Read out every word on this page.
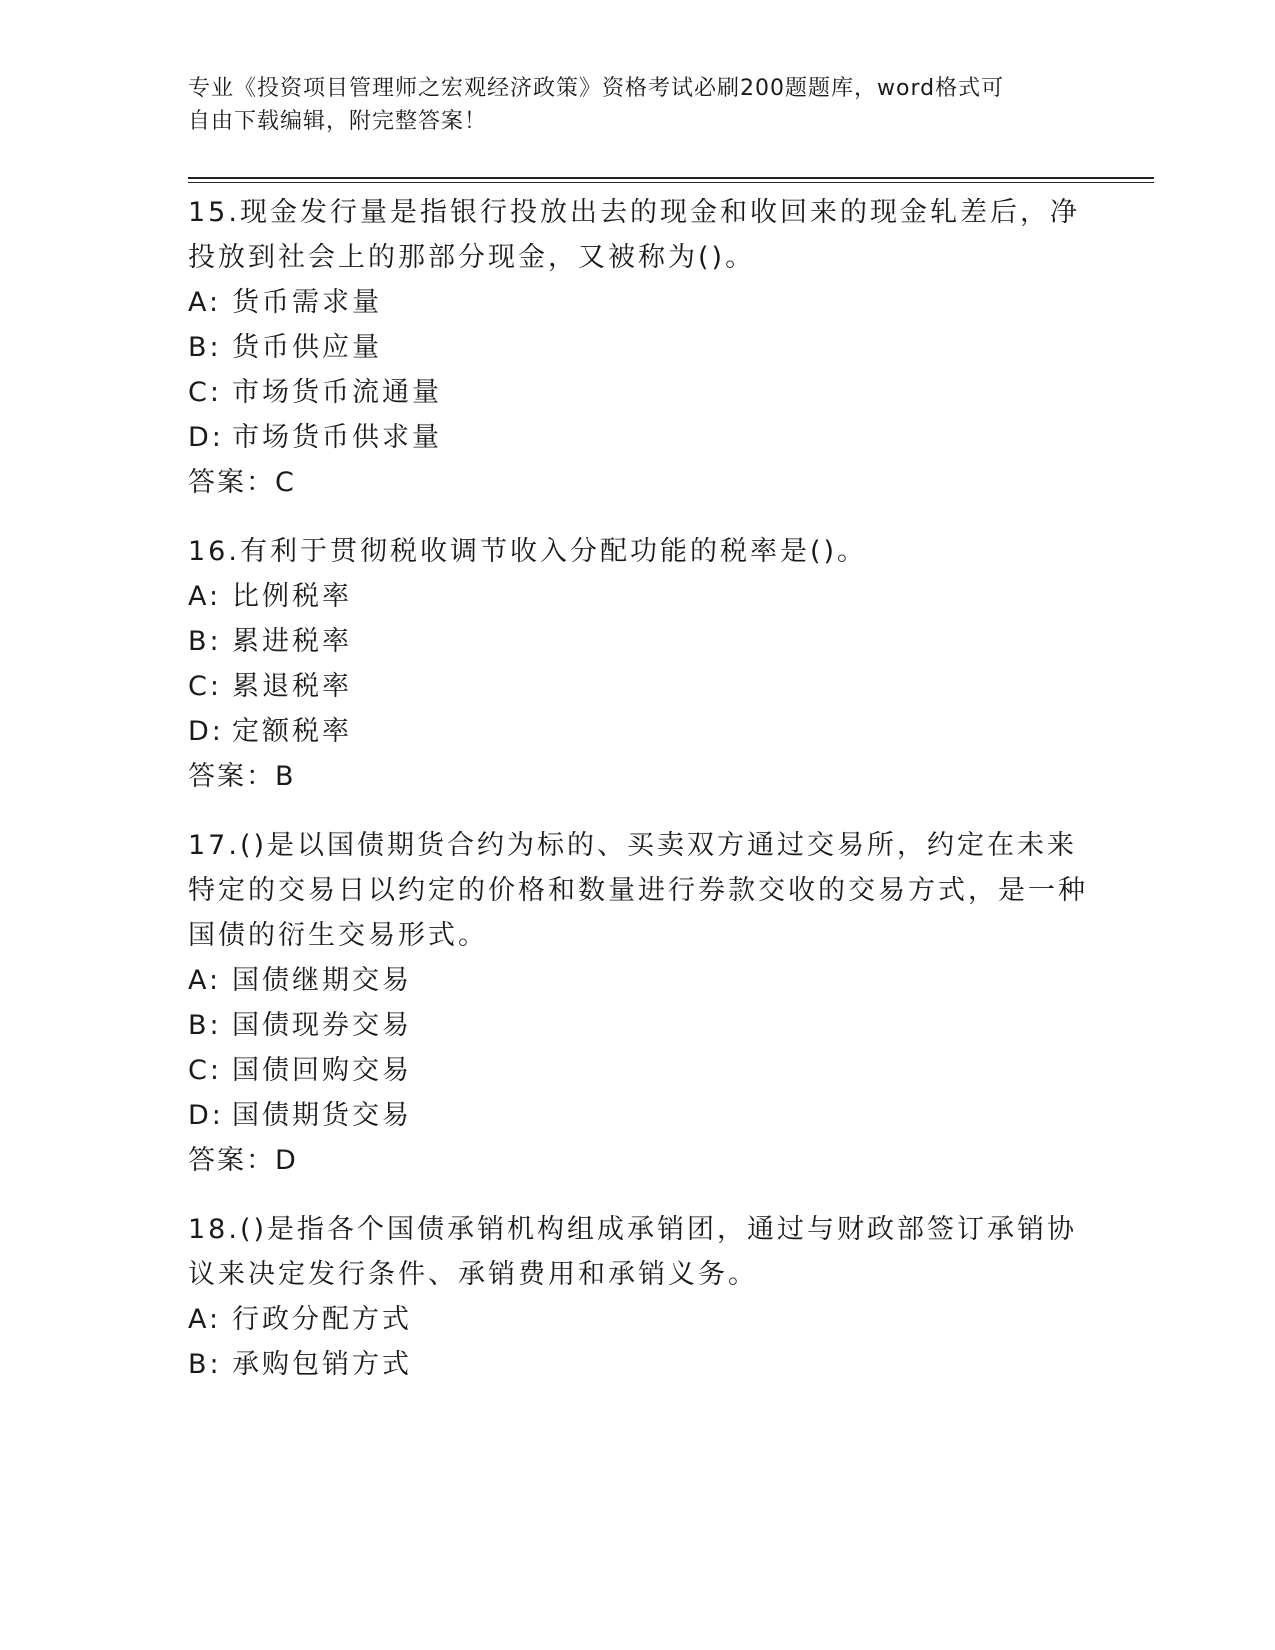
专业《投资项目管理师之宏观经济政策》资格考试必刷200题题库，word格式可
自由下载编辑，附完整答案！

15.现金发行量是指银行投放出去的现金和收回来的现金轧差后，净投放到社会上的那部分现金，又被称为()。

A: 货币需求量
B: 货币供应量
C: 市场货币流通量
D: 市场货币供求量
答案：C

16.有利于贯彻税收调节收入分配功能的税率是()。

A: 比例税率
B: 累进税率
C: 累退税率
D: 定额税率
答案：B

17.()是以国债期货合约为标的、买卖双方通过交易所，约定在未来特定的交易日以约定的价格和数量进行券款交收的交易方式，是一种国债的衍生交易形式。

A: 国债继期交易
B: 国债现券交易
C: 国债回购交易
D: 国债期货交易
答案：D

18.()是指各个国债承销机构组成承销团，通过与财政部签订承销协议来决定发行条件、承销费用和承销义务。

A: 行政分配方式
B: 承购包销方式
